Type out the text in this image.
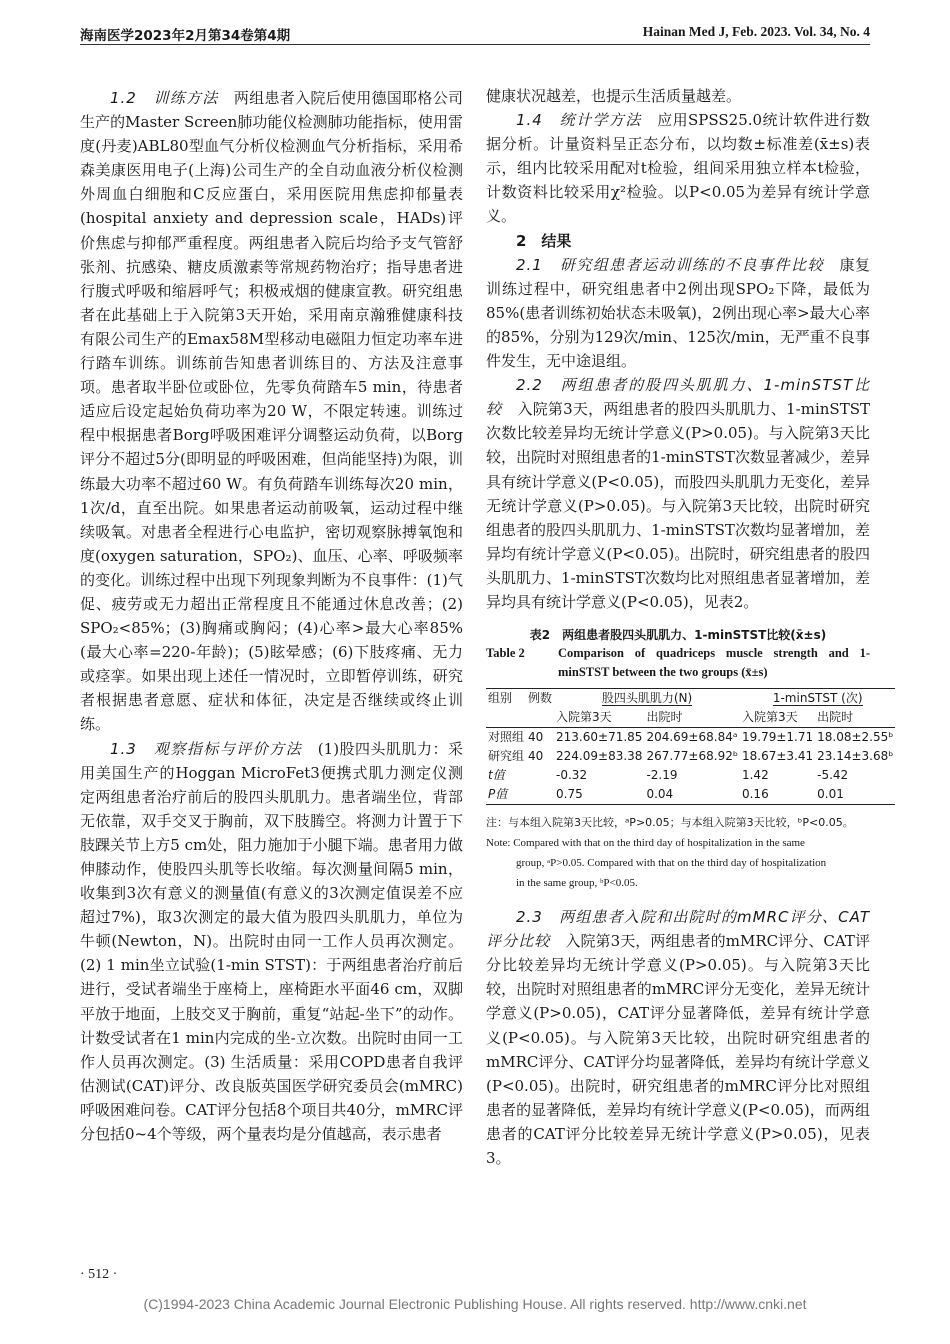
海南医学2023年2月第34卷第4期	Hainan Med J, Feb. 2023. Vol. 34, No. 4

1.2　训练方法　 两组患者入院后使用德国耶格公司生产的Master Screen肺功能仪检测肺功能指标，使用雷度(丹麦)ABL80型血气分析仪检测血气分析指标，采用希森美康医用电子(上海)公司生产的全自动血液分析仪检测外周血白细胞和C反应蛋白，采用医院用焦虑抑郁量表(hospital anxiety and depression scale，HADs)评价焦虑与抑郁严重程度。两组患者入院后均给予支气管舒张剂、抗感染、糖皮质激素等常规药物治疗；指导患者进行腹式呼吸和缩唇呼气；积极戒烟的健康宣教。研究组患者在此基础上于入院第3天开始，采用南京瀚雅健康科技有限公司生产的Emax58M型移动电磁阻力恒定功率车进行踏车训练。训练前告知患者训练目的、方法及注意事项。患者取半卧位或卧位，先零负荷踏车5 min，待患者适应后设定起始负荷功率为20 W，不限定转速。训练过程中根据患者Borg呼吸困难评分调整运动负荷，以Borg评分不超过5分(即明显的呼吸困难，但尚能坚持)为限，训练最大功率不超过60 W。有负荷踏车训练每次20 min，1次/d，直至出院。如果患者运动前吸氧，运动过程中继续吸氧。对患者全程进行心电监护，密切观察脉搏氧饱和度(oxygen saturation，SPO₂)、血压、心率、呼吸频率的变化。训练过程中出现下列现象判断为不良事件：(1)气促、疲劳或无力超出正常程度且不能通过休息改善；(2) SPO₂<85%；(3)胸痛或胸闷；(4)心率>最大心率85%(最大心率=220-年龄)；(5)眩晕感；(6)下肢疼痛、无力或痉挛。如果出现上述任一情况时，立即暂停训练，研究者根据患者意愿、症状和体征，决定是否继续或终止训练。

1.3　观察指标与评价方法　 (1)股四头肌肌力：采用美国生产的Hoggan MicroFet3便携式肌力测定仪测定两组患者治疗前后的股四头肌肌力。患者端坐位，背部无依靠，双手交叉于胸前，双下肢腾空。将测力计置于下肢踝关节上方5 cm处，阻力施加于小腿下端。患者用力做伸膝动作，使股四头肌等长收缩。每次测量间隔5 min，收集到3次有意义的测量值(有意义的3次测定值误差不应超过7%)，取3次测定的最大值为股四头肌肌力，单位为牛顿(Newton，N)。出院时由同一工作人员再次测定。(2) 1 min坐立试验(1-min STST)：于两组患者治疗前后进行，受试者端坐于座椅上，座椅距水平面46 cm，双脚平放于地面，上肢交叉于胸前，重复“站起-坐下”的动作。计数受试者在1 min内完成的坐-立次数。出院时由同一工作人员再次测定。(3) 生活质量：采用COPD患者自我评估测试(CAT)评分、改良版英国医学研究委员会(mMRC)呼吸困难问卷。CAT评分包括8个项目共40分，mMRC评分包括0~4个等级，两个量表均是分值越高，表示患者

健康状况越差，也提示生活质量越差。

1.4　统计学方法　 应用SPSS25.0统计软件进行数据分析。计量资料呈正态分布，以均数±标准差(x̄±s)表示，组内比较采用配对t检验，组间采用独立样本t检验，计数资料比较采用χ²检验。以P<0.05为差异有统计学意义。

2　结果

2.1　研究组患者运动训练的不良事件比较　 康复训练过程中，研究组患者中2例出现SPO₂下降，最低为85%(患者训练初始状态未吸氧)，2例出现心率>最大心率的85%，分别为129次/min、125次/min，无严重不良事件发生，无中途退组。

2.2　两组患者的股四头肌肌力、1-minSTST比较　 入院第3天，两组患者的股四头肌肌力、1-minSTST次数比较差异均无统计学意义(P>0.05)。与入院第3天比较，出院时对照组患者的1-minSTST次数显著减少，差异具有统计学意义(P<0.05)，而股四头肌肌力无变化，差异无统计学意义(P>0.05)。与入院第3天比较，出院时研究组患者的股四头肌肌力、1-minSTST次数均显著增加，差异均有统计学意义(P<0.05)。出院时，研究组患者的股四头肌肌力、1-minSTST次数均比对照组患者显著增加，差异均具有统计学意义(P<0.05)，见表2。

表2　两组患者股四头肌肌力、1-minSTST比较(x̄±s)
Table 2	Comparison of quadriceps muscle strength and 1-minSTST between the two groups (x̄±s)
组别	例数	股四头肌肌力(N)		1-minSTST (次)	
		入院第3天	出院时	入院第3天	出院时
对照组	40	213.60±71.85	204.69±68.84ᵃ	19.79±1.71	18.08±2.55ᵇ
研究组	40	224.09±83.38	267.77±68.92ᵇ	18.67±3.41	23.14±3.68ᵇ
t值		-0.32	-2.19	1.42	-5.42
P值		0.75	0.04	0.16	0.01
注：与本组入院第3天比较，ᵃP>0.05；与本组入院第3天比较，ᵇP<0.05。
Note: Compared with that on the third day of hospitalization in the same
group, ᵃP>0.05. Compared with that on the third day of hospitalization
in the same group, ᵇP<0.05.

2.3　两组患者入院和出院时的mMRC评分、CAT评分比较　 入院第3天，两组患者的mMRC评分、CAT评分比较差异均无统计学意义(P>0.05)。与入院第3天比较，出院时对照组患者的mMRC评分无变化，差异无统计学意义(P>0.05)，CAT评分显著降低，差异有统计学意义(P<0.05)。与入院第3天比较，出院时研究组患者的mMRC评分、CAT评分均显著降低，差异均有统计学意义(P<0.05)。出院时，研究组患者的mMRC评分比对照组患者的显著降低，差异均有统计学意义(P<0.05)，而两组患者的CAT评分比较差异无统计学意义(P>0.05)，见表3。

· 512 ·
(C)1994-2023 China Academic Journal Electronic Publishing House. All rights reserved. http://www.cnki.net
